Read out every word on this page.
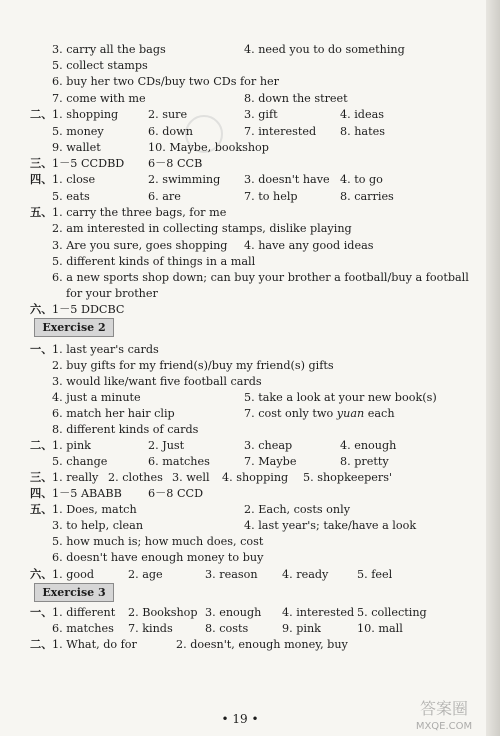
• 19 •
答案圈
MXQE.COM
Exercise 2
Exercise 3
3. carry all the bags	4. need you to do something
5. collect stamps
6. buy her two CDs/buy two CDs for her
7. come with me	8. down the street
二、 1. shopping	2. sure	3. gift	4. ideas
5. money	6. down	7. interested 8. hates
9. wallet	10. Maybe, bookshop
三、 1－5 CCDBD 6－8 CCB
四、 1. close	2. swimming 3. doesn't have 4. to go
5. eats	6. are	7. to help	8. carries
五、 1. carry the three bags, for me
2. am interested in collecting stamps, dislike playing
3. Are you sure, goes shopping 4. have any good ideas
5. different kinds of things in a mall
6. a new sports shop down; can buy your brother a football/buy a football
for your brother
六、 1－5 DDCBC
一、 1. last year's cards
2. buy gifts for my friend(s)/buy my friend(s) gifts
3. would like/want five football cards
4. just a minute	5. take a look at your new book(s)
6. match her hair clip	7. cost only two yuan each
8. different kinds of cards
二、 1. pink	2. Just	3. cheap	4. enough
5. change	6. matches	7. Maybe	8. pretty
三、 1. really 2. clothes 3. well 4. shopping 5. shopkeepers'
四、 1－5 ABABB 6－8 CCD
五、 1. Does, match	2. Each, costs only
3. to help, clean	4. last year's; take/have a look
5. how much is; how much does, cost
6. doesn't have enough money to buy
六、 1. good	2. age	3. reason 4. ready	5. feel
一、 1. different 2. Bookshop 3. enough 4. interested 5. collecting
6. matches 7. kinds	8. costs	9. pink	10. mall
二、 1. What, do for	2. doesn't, enough money, buy
